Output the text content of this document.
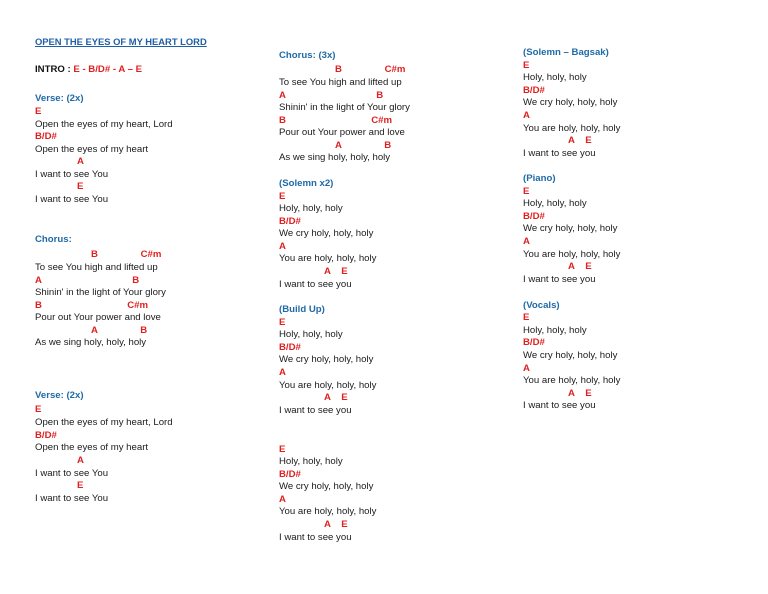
OPEN THE EYES OF MY HEART LORD
INTRO : E - B/D# - A – E
Verse: (2x)
E
Open the eyes of my heart, Lord
B/D#
Open the eyes of my heart
A
I want to see You
E
I want to see You
Chorus:
B                C#m
To see You high and lifted up
A                                  B
Shinin' in the light of Your glory
B                                C#m
Pour out Your power and love
A                B
As we sing holy, holy, holy
Verse: (2x)
E
Open the eyes of my heart, Lord
B/D#
Open the eyes of my heart
A
I want to see You
E
I want to see You
Chorus: (3x)
B                C#m
To see You high and lifted up
A                                  B
Shinin' in the light of Your glory
B                                C#m
Pour out Your power and love
A                B
As we sing holy, holy, holy
(Solemn x2)
E
Holy, holy, holy
B/D#
We cry holy, holy, holy
A
You are holy, holy, holy
A    E
I want to see you
(Build Up)
E
Holy, holy, holy
B/D#
We cry holy, holy, holy
A
You are holy, holy, holy
A    E
I want to see you
E
Holy, holy, holy
B/D#
We cry holy, holy, holy
A
You are holy, holy, holy
A    E
I want to see you
(Solemn – Bagsak)
E
Holy, holy, holy
B/D#
We cry holy, holy, holy
A
You are holy, holy, holy
A    E
I want to see you
(Piano)
E
Holy, holy, holy
B/D#
We cry holy, holy, holy
A
You are holy, holy, holy
A    E
I want to see you
(Vocals)
E
Holy, holy, holy
B/D#
We cry holy, holy, holy
A
You are holy, holy, holy
A    E
I want to see you
